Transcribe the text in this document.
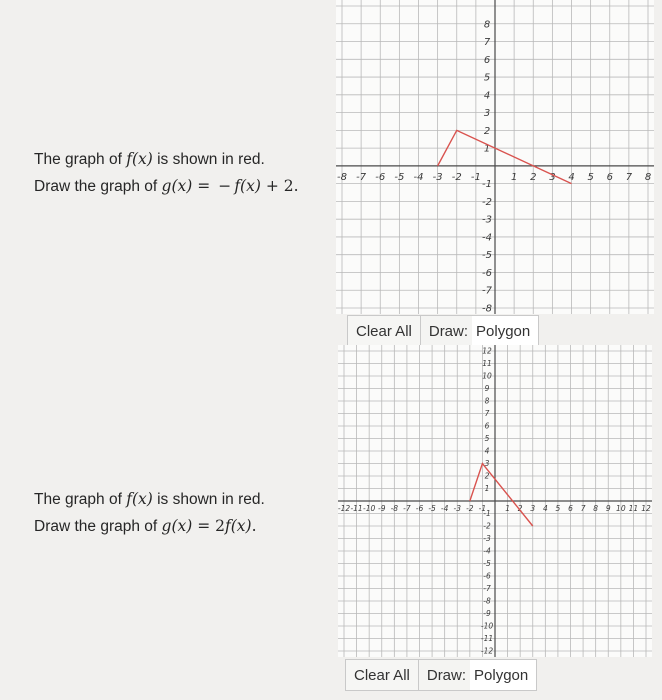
The graph of f(x) is shown in red.
Draw the graph of g(x) =  − f(x) + 2.	-8 -7 -6 -5 -4 -3 -2 -1	1 2 3 4 5 6 7 8
8
7
6
5
4
3
2
1
-1
-2
-3
-4
-5
-6
-7
-8
Clear All	Draw: Polygon
The graph of f(x) is shown in red.
Draw the graph of g(x) = 2f(x).
-12 -11 -10 -9 -8 -7 -6 -5 -4 -3 -2 -1	1 2 3 4 5 6 7 8 9 10 11 12
12
11
10
9
8
7
6
5
4
3
2
1
-1
-2
-3
-4
-5
-6
-7
-8
-9
-10
-11
-12
Clear All	Draw: Polygon
